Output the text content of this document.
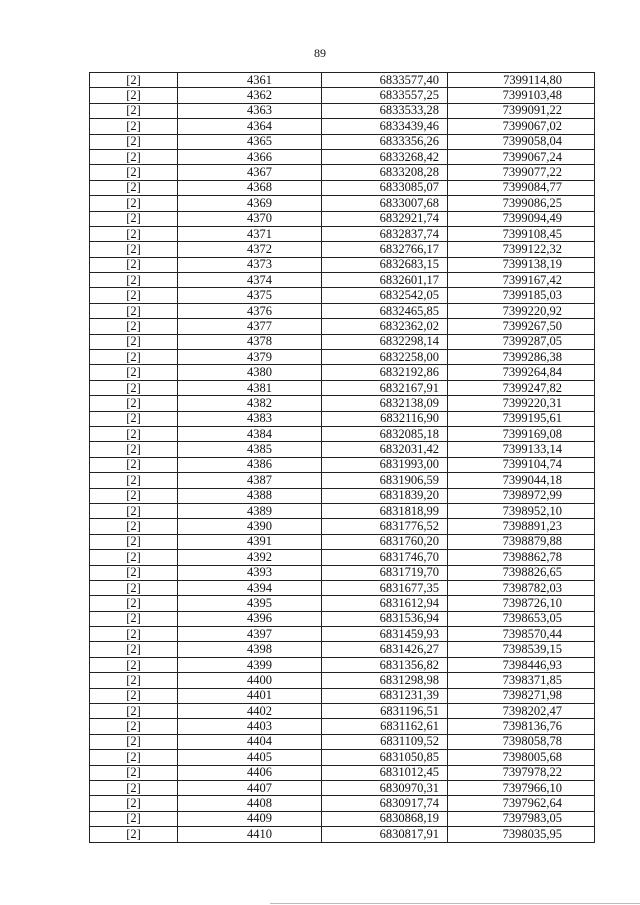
89
[2]	4361	6833577,40	7399114,80
[2]	4362	6833557,25	7399103,48
[2]	4363	6833533,28	7399091,22
[2]	4364	6833439,46	7399067,02
[2]	4365	6833356,26	7399058,04
[2]	4366	6833268,42	7399067,24
[2]	4367	6833208,28	7399077,22
[2]	4368	6833085,07	7399084,77
[2]	4369	6833007,68	7399086,25
[2]	4370	6832921,74	7399094,49
[2]	4371	6832837,74	7399108,45
[2]	4372	6832766,17	7399122,32
[2]	4373	6832683,15	7399138,19
[2]	4374	6832601,17	7399167,42
[2]	4375	6832542,05	7399185,03
[2]	4376	6832465,85	7399220,92
[2]	4377	6832362,02	7399267,50
[2]	4378	6832298,14	7399287,05
[2]	4379	6832258,00	7399286,38
[2]	4380	6832192,86	7399264,84
[2]	4381	6832167,91	7399247,82
[2]	4382	6832138,09	7399220,31
[2]	4383	6832116,90	7399195,61
[2]	4384	6832085,18	7399169,08
[2]	4385	6832031,42	7399133,14
[2]	4386	6831993,00	7399104,74
[2]	4387	6831906,59	7399044,18
[2]	4388	6831839,20	7398972,99
[2]	4389	6831818,99	7398952,10
[2]	4390	6831776,52	7398891,23
[2]	4391	6831760,20	7398879,88
[2]	4392	6831746,70	7398862,78
[2]	4393	6831719,70	7398826,65
[2]	4394	6831677,35	7398782,03
[2]	4395	6831612,94	7398726,10
[2]	4396	6831536,94	7398653,05
[2]	4397	6831459,93	7398570,44
[2]	4398	6831426,27	7398539,15
[2]	4399	6831356,82	7398446,93
[2]	4400	6831298,98	7398371,85
[2]	4401	6831231,39	7398271,98
[2]	4402	6831196,51	7398202,47
[2]	4403	6831162,61	7398136,76
[2]	4404	6831109,52	7398058,78
[2]	4405	6831050,85	7398005,68
[2]	4406	6831012,45	7397978,22
[2]	4407	6830970,31	7397966,10
[2]	4408	6830917,74	7397962,64
[2]	4409	6830868,19	7397983,05
[2]	4410	6830817,91	7398035,95
